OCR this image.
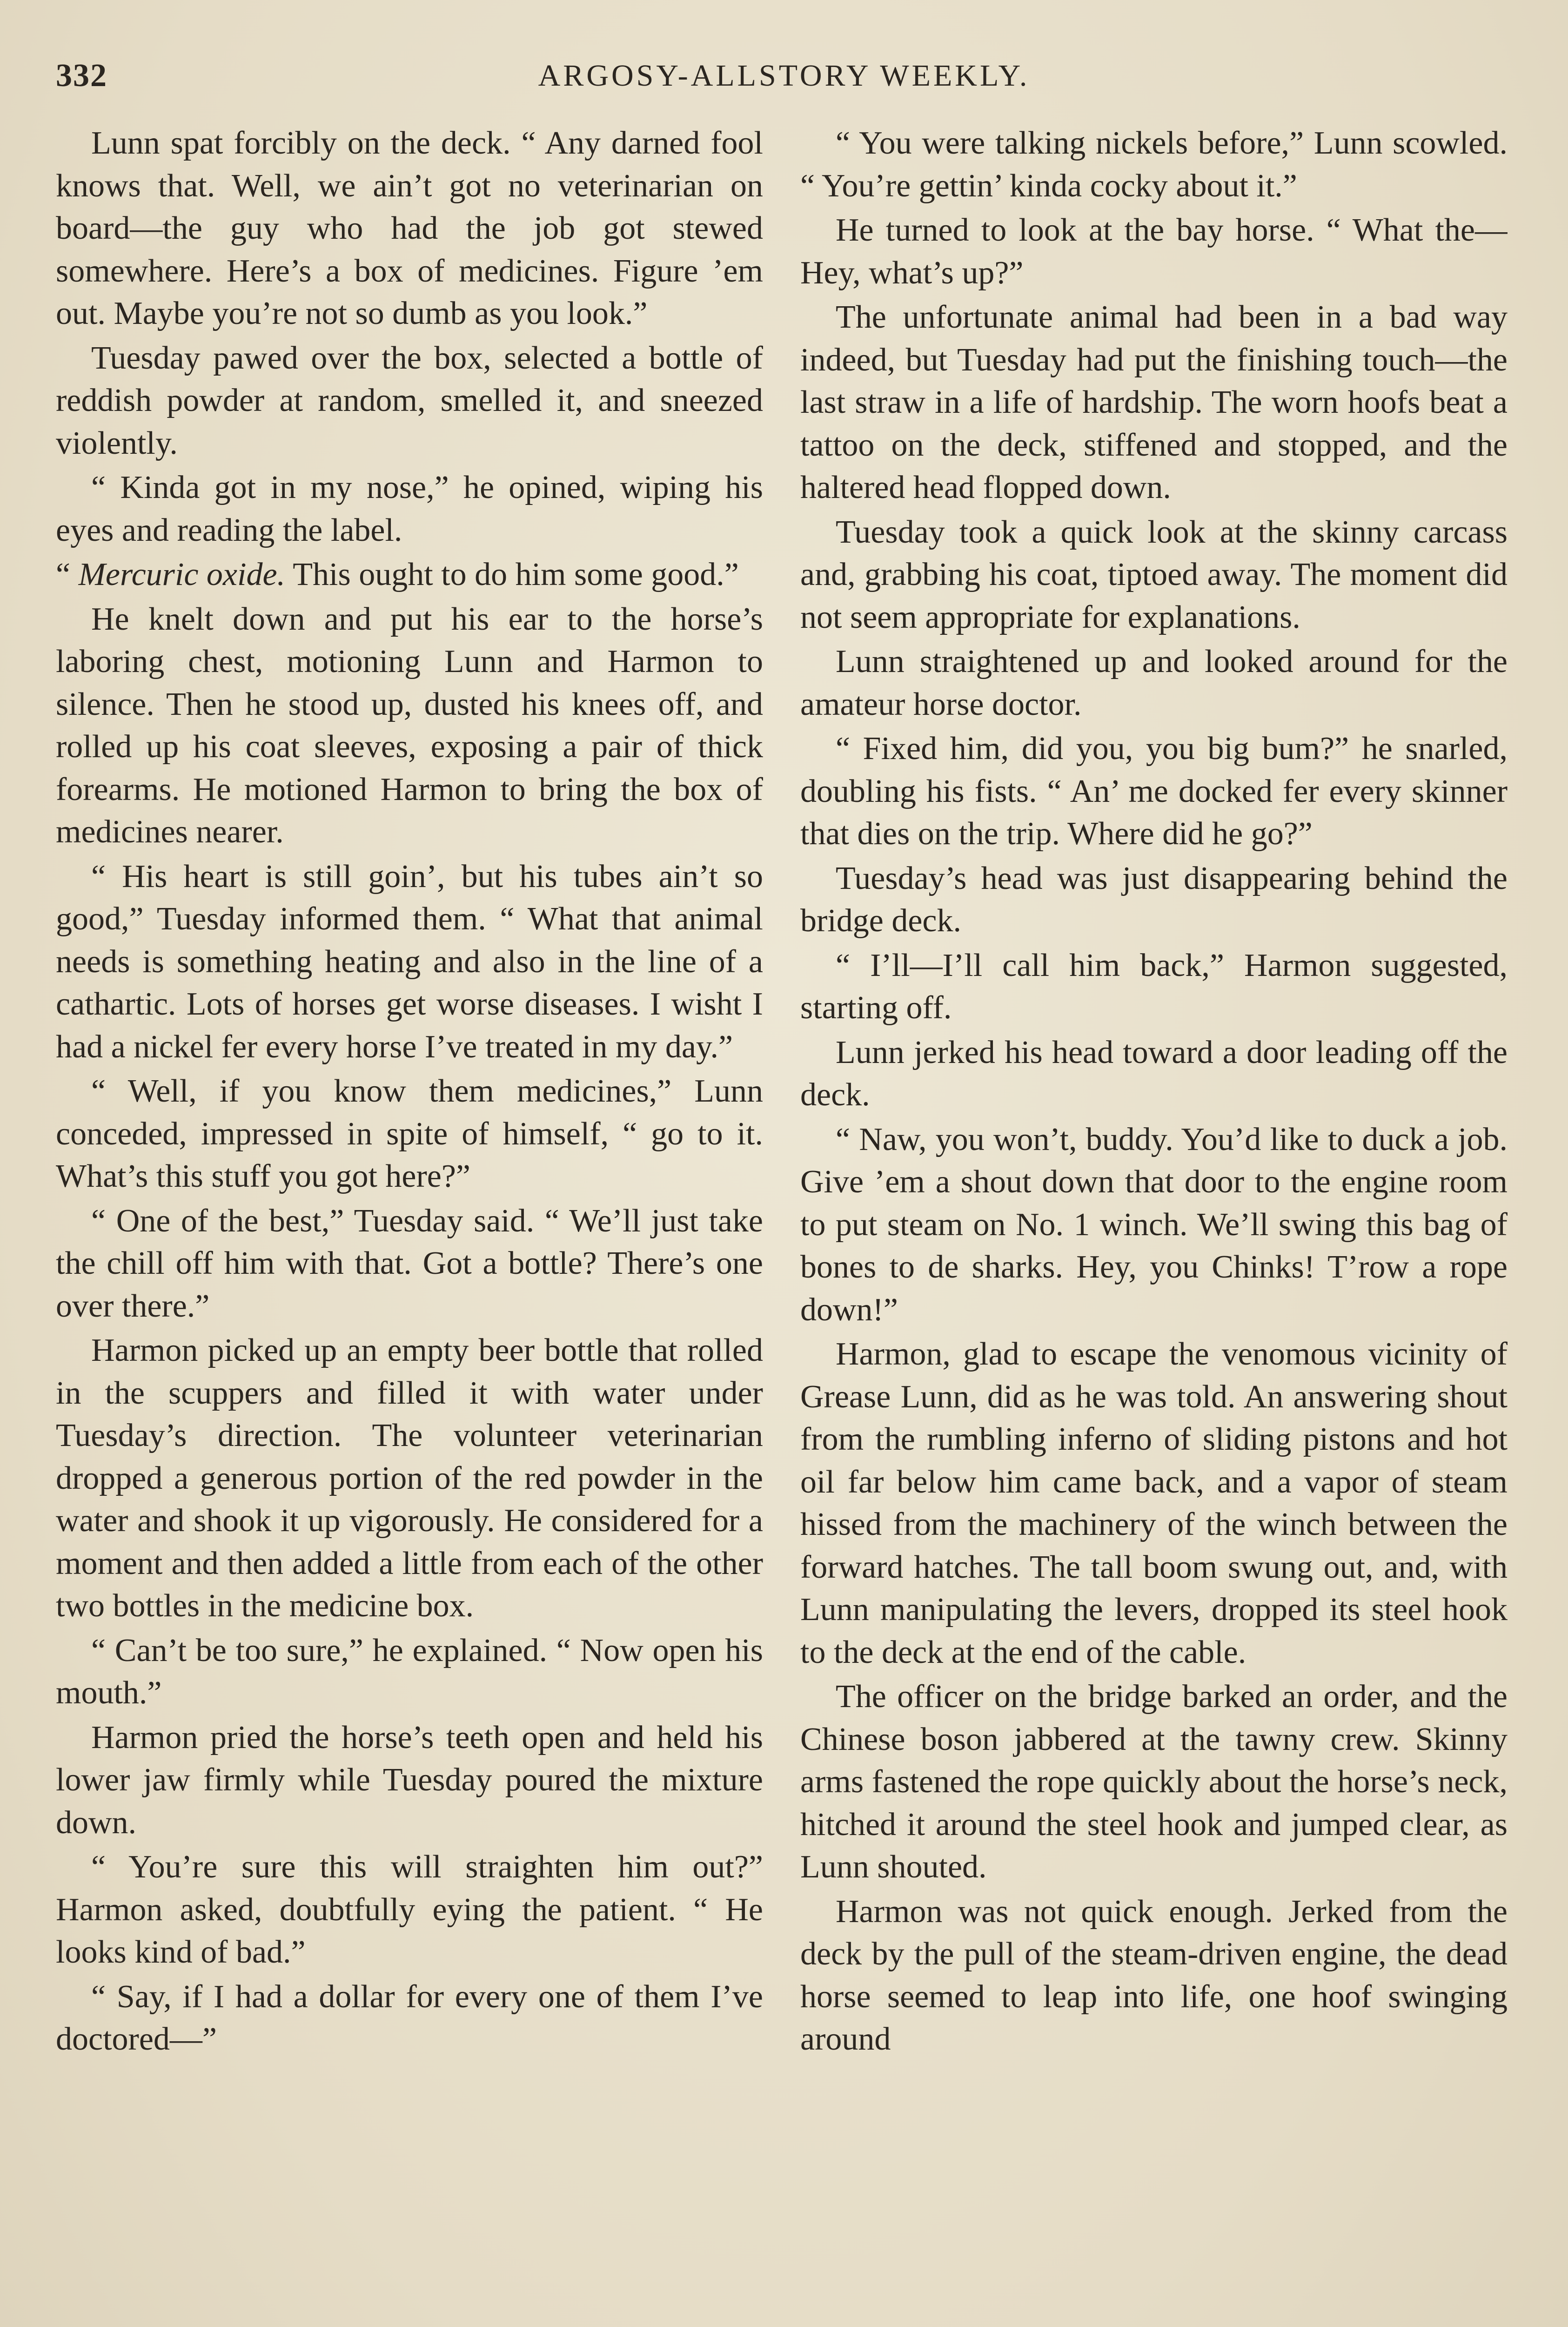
332	ARGOSY-ALLSTORY WEEKLY.

Lunn spat forcibly on the deck. “ Any darned fool knows that. Well, we ain’t got no veterinarian on board—the guy who had the job got stewed somewhere. Here’s a box of medicines. Figure ’em out. Maybe you’re not so dumb as you look.”

Tuesday pawed over the box, selected a bottle of reddish powder at random, smelled it, and sneezed violently.

“ Kinda got in my nose,” he opined, wiping his eyes and reading the label.

“ Mercuric oxide. This ought to do him some good.”

He knelt down and put his ear to the horse’s laboring chest, motioning Lunn and Harmon to silence. Then he stood up, dusted his knees off, and rolled up his coat sleeves, exposing a pair of thick forearms. He motioned Harmon to bring the box of medicines nearer.

“ His heart is still goin’, but his tubes ain’t so good,” Tuesday informed them. “ What that animal needs is something heating and also in the line of a cathartic. Lots of horses get worse diseases. I wisht I had a nickel fer every horse I’ve treated in my day.”

“ Well, if you know them medicines,” Lunn conceded, impressed in spite of himself, “ go to it. What’s this stuff you got here?”

“ One of the best,” Tuesday said. “ We’ll just take the chill off him with that. Got a bottle? There’s one over there.”

Harmon picked up an empty beer bottle that rolled in the scuppers and filled it with water under Tuesday’s direction. The volunteer veterinarian dropped a generous portion of the red powder in the water and shook it up vigorously. He considered for a moment and then added a little from each of the other two bottles in the medicine box.

“ Can’t be too sure,” he explained. “ Now open his mouth.”

Harmon pried the horse’s teeth open and held his lower jaw firmly while Tuesday poured the mixture down.

“ You’re sure this will straighten him out?” Harmon asked, doubtfully eying the patient. “ He looks kind of bad.”

“ Say, if I had a dollar for every one of them I’ve doctored—”

“ You were talking nickels before,” Lunn scowled. “ You’re gettin’ kinda cocky about it.”

He turned to look at the bay horse. “ What the— Hey, what’s up?”

The unfortunate animal had been in a bad way indeed, but Tuesday had put the finishing touch—the last straw in a life of hardship. The worn hoofs beat a tattoo on the deck, stiffened and stopped, and the haltered head flopped down.

Tuesday took a quick look at the skinny carcass and, grabbing his coat, tiptoed away. The moment did not seem appropriate for explanations.

Lunn straightened up and looked around for the amateur horse doctor.

“ Fixed him, did you, you big bum?” he snarled, doubling his fists. “ An’ me docked fer every skinner that dies on the trip. Where did he go?”

Tuesday’s head was just disappearing behind the bridge deck.

“ I’ll—I’ll call him back,” Harmon suggested, starting off.

Lunn jerked his head toward a door leading off the deck.

“ Naw, you won’t, buddy. You’d like to duck a job. Give ’em a shout down that door to the engine room to put steam on No. 1 winch. We’ll swing this bag of bones to de sharks. Hey, you Chinks! T’row a rope down!”

Harmon, glad to escape the venomous vicinity of Grease Lunn, did as he was told. An answering shout from the rumbling inferno of sliding pistons and hot oil far below him came back, and a vapor of steam hissed from the machinery of the winch between the forward hatches. The tall boom swung out, and, with Lunn manipulating the levers, dropped its steel hook to the deck at the end of the cable.

The officer on the bridge barked an order, and the Chinese boson jabbered at the tawny crew. Skinny arms fastened the rope quickly about the horse’s neck, hitched it around the steel hook and jumped clear, as Lunn shouted.

Harmon was not quick enough. Jerked from the deck by the pull of the steam-driven engine, the dead horse seemed to leap into life, one hoof swinging around
